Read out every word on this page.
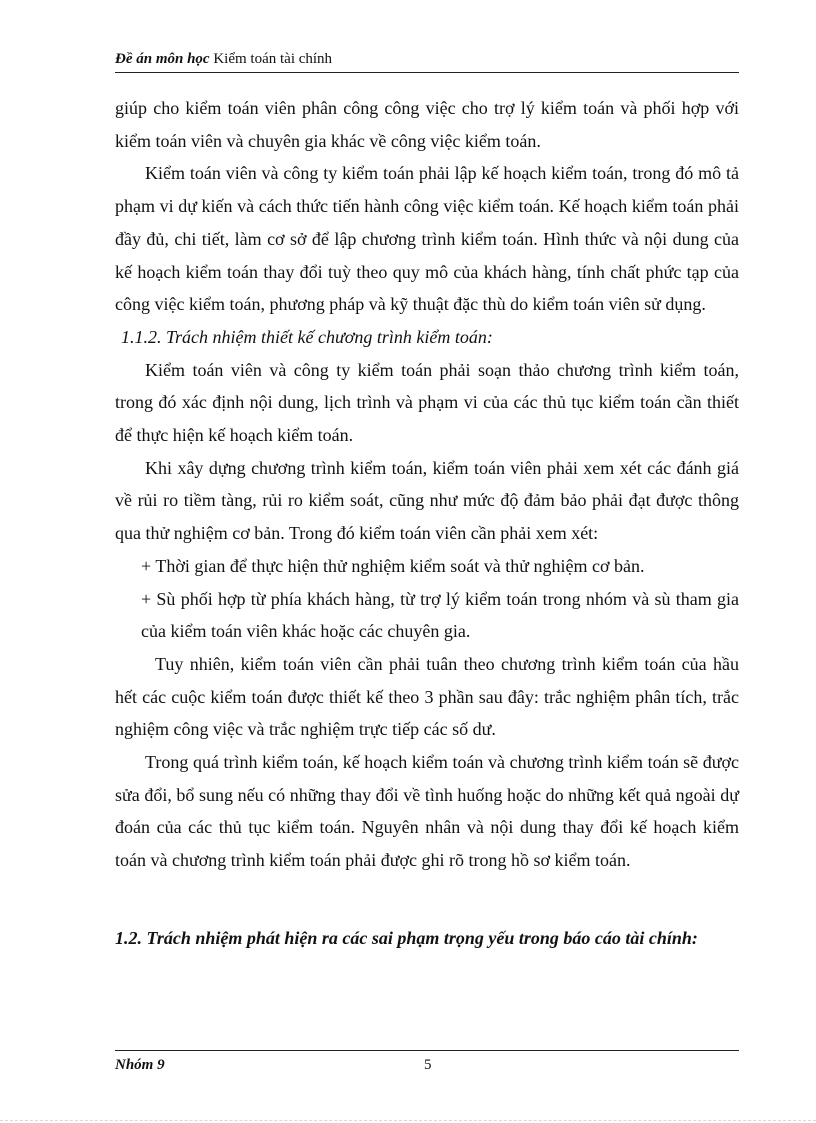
Đề án môn học Kiểm toán tài chính

giúp cho kiểm toán viên phân công công việc cho trợ lý kiểm toán và phối hợp với kiểm toán viên và chuyên gia khác về công việc kiểm toán.

Kiểm toán viên và công ty kiểm toán phải lập kế hoạch kiểm toán, trong đó mô tả phạm vi dự kiến và cách thức tiến hành công việc kiểm toán. Kế hoạch kiểm toán phải đầy đủ, chi tiết, làm cơ sở để lập chương trình kiểm toán. Hình thức và nội dung của kế hoạch kiểm toán thay đổi tuỳ theo quy mô của khách hàng, tính chất phức tạp của công việc kiểm toán, phương pháp và kỹ thuật đặc thù do kiểm toán viên sử dụng.

1.1.2. Trách nhiệm thiết kế chương trình kiểm toán:

Kiểm toán viên và công ty kiểm toán phải soạn thảo chương trình kiểm toán, trong đó xác định nội dung, lịch trình và phạm vi của các thủ tục kiểm toán cần thiết để thực hiện kế hoạch kiểm toán.

Khi xây dựng chương trình kiểm toán, kiểm toán viên phải xem xét các đánh giá về rủi ro tiềm tàng, rủi ro kiểm soát, cũng như mức độ đảm bảo phải đạt được thông qua thử nghiệm cơ bản. Trong đó kiểm toán viên cần phải xem xét:

+ Thời gian để thực hiện thử nghiệm kiểm soát và thử nghiệm cơ bản.

+ Sù phối hợp từ phía khách hàng, từ trợ lý kiểm toán trong nhóm và sù tham gia của kiểm toán viên khác hoặc các chuyên gia.

Tuy nhiên, kiểm toán viên cần phải tuân theo chương trình kiểm toán của hầu hết các cuộc kiểm toán được thiết kế theo 3 phần sau đây: trắc nghiệm phân tích, trắc nghiệm công việc và trắc nghiệm trực tiếp các số dư.

Trong quá trình kiểm toán, kế hoạch kiểm toán và chương trình kiểm toán sẽ được sửa đổi, bổ sung nếu có những thay đổi về tình huống hoặc do những kết quả ngoài dự đoán của các thủ tục kiểm toán. Nguyên nhân và nội dung thay đổi kế hoạch kiểm toán và chương trình kiểm toán phải được ghi rõ trong hồ sơ kiểm toán.

1.2. Trách nhiệm phát hiện ra các sai phạm trọng yếu trong báo cáo tài chính:
Nhóm 9	5
